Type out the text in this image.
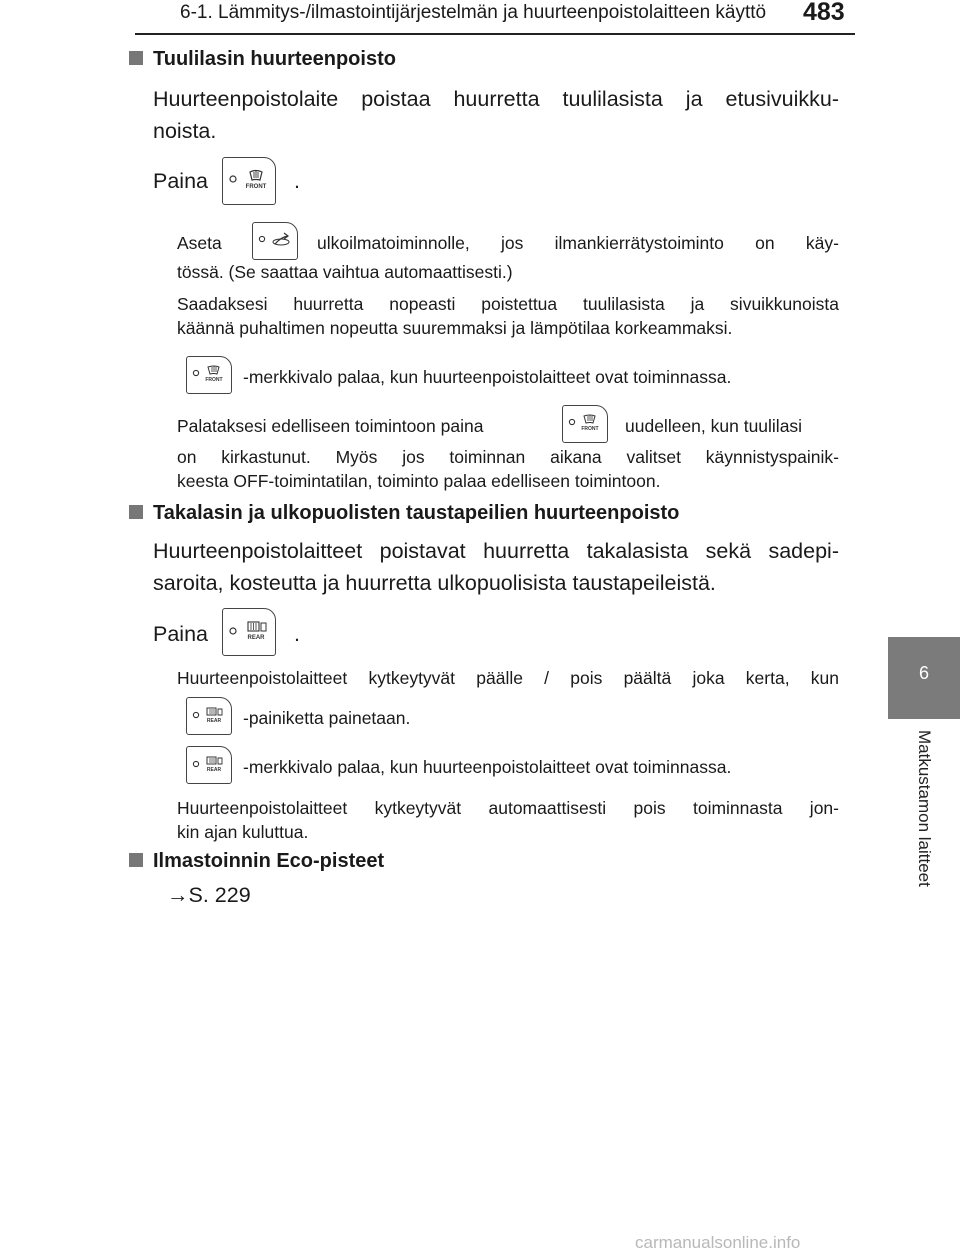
6-1. Lämmitys-/ilmastointijärjestelmän ja huurteenpoistolaitteen käyttö 483
6
Matkustamon laitteet
Tuulilasin huurteenpoisto
Huurteenpoistolaite poistaa huurretta tuulilasista ja etusivuikku-
noista.
Paina	FRONT .
Aseta	ulkoilmatoiminnolle, jos ilmankierrätystoiminto on käy-
tössä. (Se saattaa vaihtua automaattisesti.)
Saadaksesi huurretta nopeasti poistettua tuulilasista ja sivuikkunoista
käännä puhaltimen nopeutta suuremmaksi ja lämpötilaa korkeammaksi.
FRONT -merkkivalo palaa, kun huurteenpoistolaitteet ovat toiminnassa.
Palataksesi edelliseen toimintoon paina	FRONT uudelleen, kun tuulilasi
on kirkastunut. Myös jos toiminnan aikana valitset käynnistyspainik-
keesta OFF-toimintatilan, toiminto palaa edelliseen toimintoon.
Takalasin ja ulkopuolisten taustapeilien huurteenpoisto
Huurteenpoistolaitteet poistavat huurretta takalasista sekä sadepi-
saroita, kosteutta ja huurretta ulkopuolisista taustapeileistä.
Paina	REAR .
Huurteenpoistolaitteet kytkeytyvät päälle / pois päältä joka kerta, kun
REAR -painiketta painetaan.
REAR -merkkivalo palaa, kun huurteenpoistolaitteet ovat toiminnassa.
Huurteenpoistolaitteet kytkeytyvät automaattisesti pois toiminnasta jon-
kin ajan kuluttua.
Ilmastoinnin Eco-pisteet
→S. 229
carmanualsonline.info
